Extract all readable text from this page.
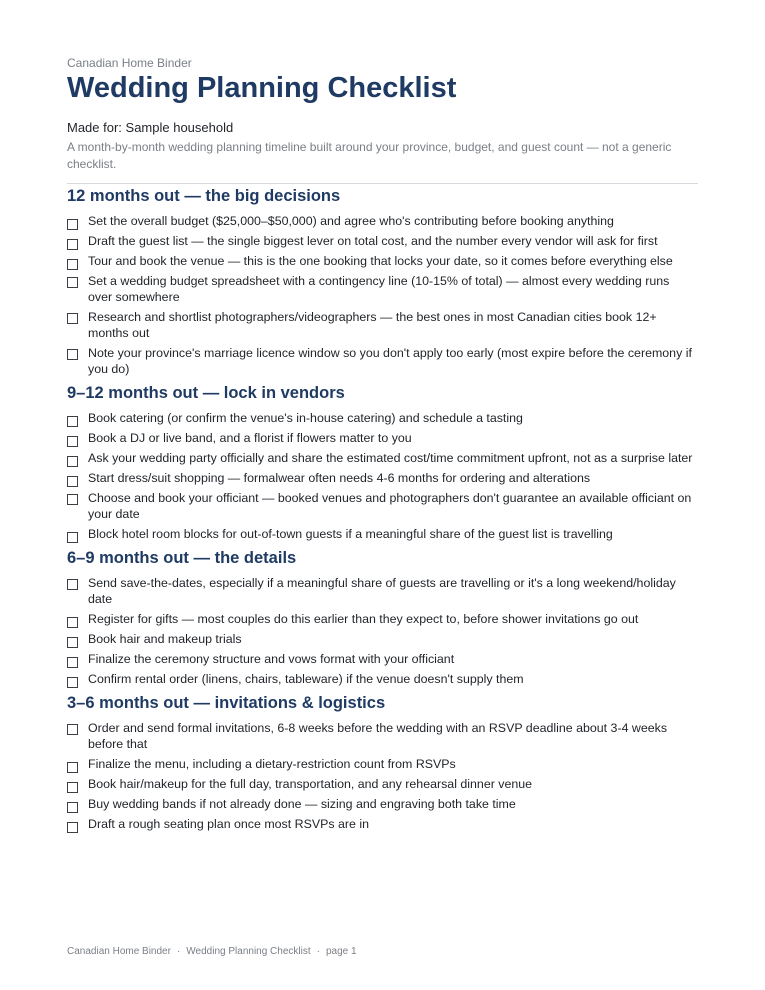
Canadian Home Binder
Wedding Planning Checklist
Made for: Sample household
A month-by-month wedding planning timeline built around your province, budget, and guest count — not a generic checklist.
12 months out — the big decisions
Set the overall budget ($25,000–$50,000) and agree who's contributing before booking anything
Draft the guest list — the single biggest lever on total cost, and the number every vendor will ask for first
Tour and book the venue — this is the one booking that locks your date, so it comes before everything else
Set a wedding budget spreadsheet with a contingency line (10-15% of total) — almost every wedding runs over somewhere
Research and shortlist photographers/videographers — the best ones in most Canadian cities book 12+ months out
Note your province's marriage licence window so you don't apply too early (most expire before the ceremony if you do)
9–12 months out — lock in vendors
Book catering (or confirm the venue's in-house catering) and schedule a tasting
Book a DJ or live band, and a florist if flowers matter to you
Ask your wedding party officially and share the estimated cost/time commitment upfront, not as a surprise later
Start dress/suit shopping — formalwear often needs 4-6 months for ordering and alterations
Choose and book your officiant — booked venues and photographers don't guarantee an available officiant on your date
Block hotel room blocks for out-of-town guests if a meaningful share of the guest list is travelling
6–9 months out — the details
Send save-the-dates, especially if a meaningful share of guests are travelling or it's a long weekend/holiday date
Register for gifts — most couples do this earlier than they expect to, before shower invitations go out
Book hair and makeup trials
Finalize the ceremony structure and vows format with your officiant
Confirm rental order (linens, chairs, tableware) if the venue doesn't supply them
3–6 months out — invitations & logistics
Order and send formal invitations, 6-8 weeks before the wedding with an RSVP deadline about 3-4 weeks before that
Finalize the menu, including a dietary-restriction count from RSVPs
Book hair/makeup for the full day, transportation, and any rehearsal dinner venue
Buy wedding bands if not already done — sizing and engraving both take time
Draft a rough seating plan once most RSVPs are in
Canadian Home Binder · Wedding Planning Checklist · page 1
